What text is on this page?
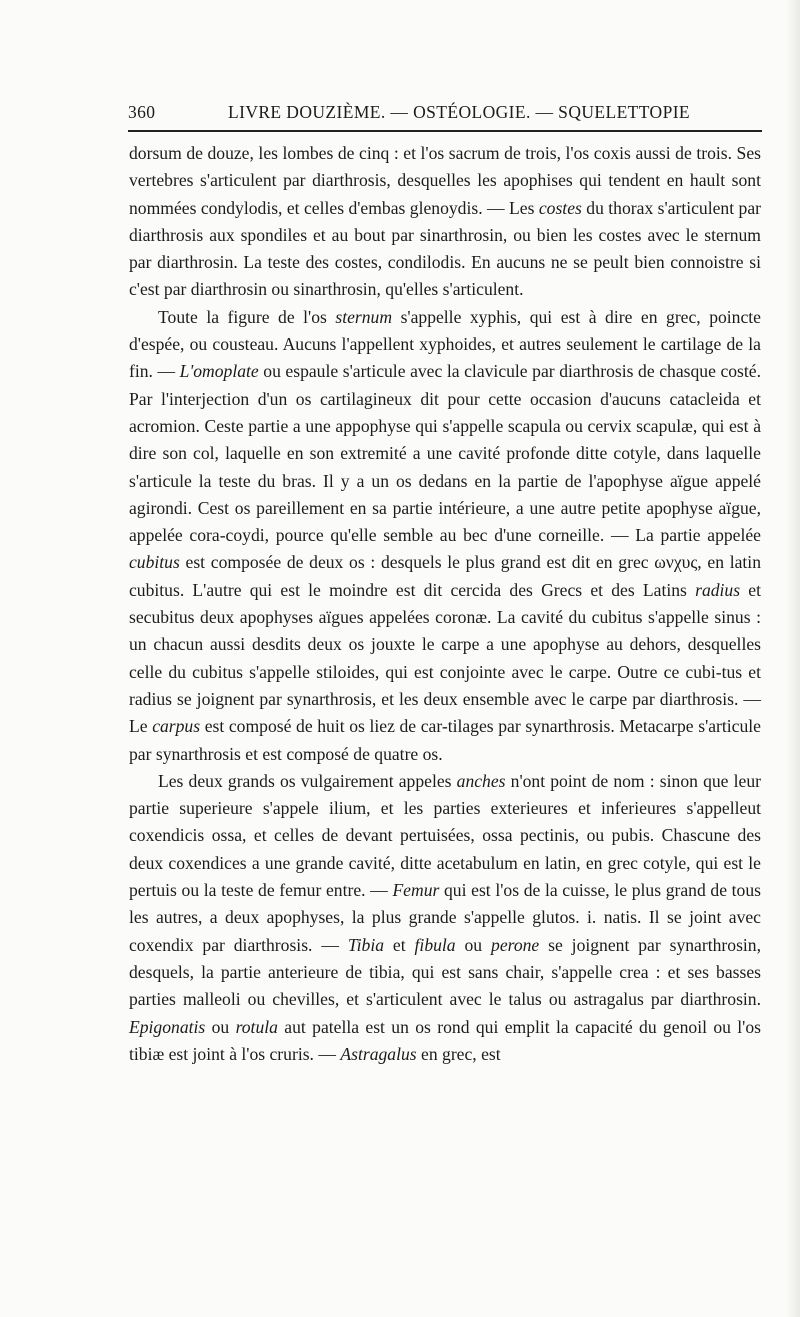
360	LIVRE DOUZIÈME. — OSTÉOLOGIE. — SQUELETTOPIE

dorsum de douze, les lombes de cinq : et l'os sacrum de trois, l'os coxis aussi de trois. Ses vertebres s'articulent par diarthrosis, desquelles les apophises qui tendent en hault sont nommées condylodis, et celles d'embas glenoydis. — Les costes du thorax s'articulent par diarthrosis aux spondiles et au bout par sinarthrosin, ou bien les costes avec le sternum par diarthrosin. La teste des costes, condilodis. En aucuns ne se peult bien connoistre si c'est par diarthrosin ou sinarthrosin, qu'elles s'articulent.

Toute la figure de l'os sternum s'appelle xyphis, qui est à dire en grec, poincte d'espée, ou cousteau. Aucuns l'appellent xyphoides, et autres seulement le cartilage de la fin. — L'omoplate ou espaule s'articule avec la clavicule par diarthrosis de chasque costé. Par l'interjection d'un os cartilagineux dit pour cette occasion d'aucuns catacleida et acromion. Ceste partie a une appophyse qui s'appelle scapula ou cervix scapulæ, qui est à dire son col, laquelle en son extremité a une cavité profonde ditte cotyle, dans laquelle s'articule la teste du bras. Il y a un os dedans en la partie de l'apophyse aïgue appelé agirondi. Cest os pareillement en sa partie intérieure, a une autre petite apophyse aïgue, appelée cora-coydi, pource qu'elle semble au bec d'une corneille. — La partie appelée cubitus est composée de deux os : desquels le plus grand est dit en grec ωνχυς, en latin cubitus. L'autre qui est le moindre est dit cercida des Grecs et des Latins radius et secubitus deux apophyses aïgues appelées coronæ. La cavité du cubitus s'appelle sinus : un chacun aussi desdits deux os jouxte le carpe a une apophyse au dehors, desquelles celle du cubitus s'appelle stiloides, qui est conjointe avec le carpe. Outre ce cubi-tus et radius se joignent par synarthrosis, et les deux ensemble avec le carpe par diarthrosis. — Le carpus est composé de huit os liez de car-tilages par synarthrosis. Metacarpe s'articule par synarthrosis et est composé de quatre os.

Les deux grands os vulgairement appeles anches n'ont point de nom : sinon que leur partie superieure s'appele ilium, et les parties exterieures et inferieures s'appelleut coxendicis ossa, et celles de devant pertuisées, ossa pectinis, ou pubis. Chascune des deux coxendices a une grande cavité, ditte acetabulum en latin, en grec cotyle, qui est le pertuis ou la teste de femur entre. — Femur qui est l'os de la cuisse, le plus grand de tous les autres, a deux apophyses, la plus grande s'appelle glutos. i. natis. Il se joint avec coxendix par diarthrosis. — Tibia et fibula ou perone se joignent par synarthrosin, desquels, la partie anterieure de tibia, qui est sans chair, s'appelle crea : et ses basses parties malleoli ou chevilles, et s'articulent avec le talus ou astragalus par diarthrosin. Epigonatis ou rotula aut patella est un os rond qui emplit la capacité du genoil ou l'os tibiæ est joint à l'os cruris. — Astragalus en grec, est
